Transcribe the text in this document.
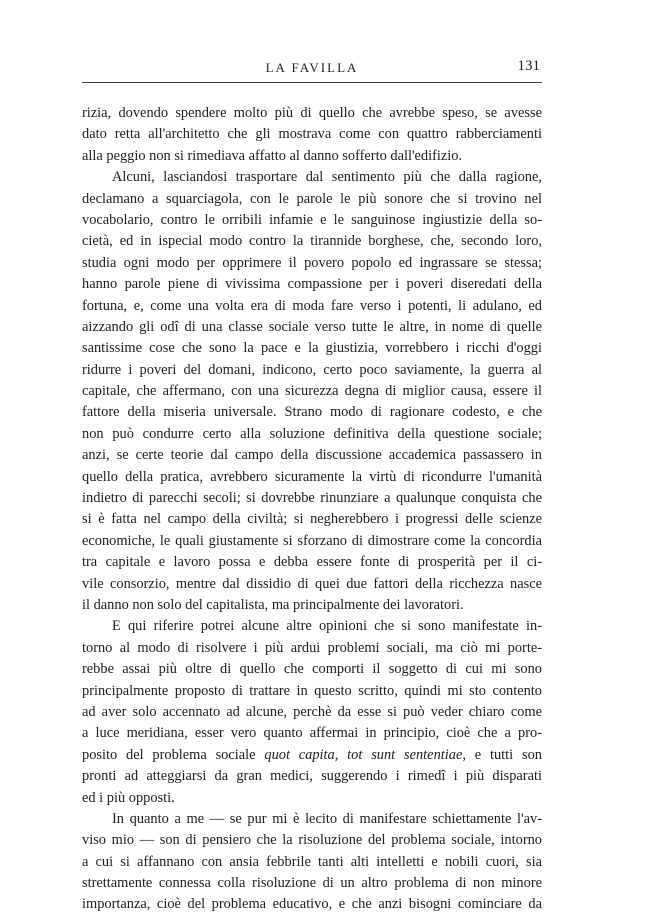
LA FAVILLA	131
rizia, dovendo spendere molto più di quello che avrebbe speso, se avesse
dato retta all'architetto che gli mostrava come con quattro rabberciamenti
alla peggio non si rimediava affatto al danno sofferto dall'edifizio.
Alcuni, lasciandosi trasportare dal sentimento più che dalla ragione,
declamano a squarciagola, con le parole le più sonore che si trovino nel
vocabolario, contro le orribili infamie e le sanguinose ingiustizie della so-
cietà, ed in ispecial modo contro la tirannide borghese, che, secondo loro,
studia ogni modo per opprimere il povero popolo ed ingrassare se stessa;
hanno parole piene di vivissima compassione per i poveri diseredati della
fortuna, e, come una volta era di moda fare verso i potenti, li adulano, ed
aizzando gli odî di una classe sociale verso tutte le altre, in nome di quelle
santissime cose che sono la pace e la giustizia, vorrebbero i ricchi d'oggi
ridurre i poveri del domani, indicono, certo poco saviamente, la guerra al
capitale, che affermano, con una sicurezza degna di miglior causa, essere il
fattore della miseria universale. Strano modo di ragionare codesto, e che
non può condurre certo alla soluzione definitiva della questione sociale;
anzi, se certe teorie dal campo della discussione accademica passassero in
quello della pratica, avrebbero sicuramente la virtù di ricondurre l'umanità
indietro di parecchi secoli; si dovrebbe rinunziare a qualunque conquista che
si è fatta nel campo della civiltà; si negherebbero i progressi delle scienze
economiche, le quali giustamente si sforzano di dimostrare come la concordia
tra capitale e lavoro possa e debba essere fonte di prosperità per il ci-
vile consorzio, mentre dal dissidio di quei due fattori della ricchezza nasce
il danno non solo del capitalista, ma principalmente dei lavoratori.
E qui riferire potrei alcune altre opinioni che si sono manifestate in-
torno al modo di risolvere i più ardui problemi sociali, ma ciò mi porte-
rebbe assai più oltre di quello che comporti il soggetto di cui mi sono
principalmente proposto di trattare in questo scritto, quindi mi sto contento
ad aver solo accennato ad alcune, perchè da esse si può veder chiaro come
a luce meridiana, esser vero quanto affermai in principio, cioè che a pro-
posito del problema sociale quot capita, tot sunt sententiae, e tutti son
pronti ad atteggiarsi da gran medici, suggerendo i rimedî i più disparati
ed i più opposti.
In quanto a me — se pur mi è lecito di manifestare schiettamente l'av-
viso mio — son di pensiero che la risoluzione del problema sociale, intorno
a cui si affannano con ansia febbrile tanti alti intelletti e nobili cuori, sia
strettamente connessa colla risoluzione di un altro problema di non minore
importanza, cioè del problema educativo, e che anzi bisogni cominciare da
